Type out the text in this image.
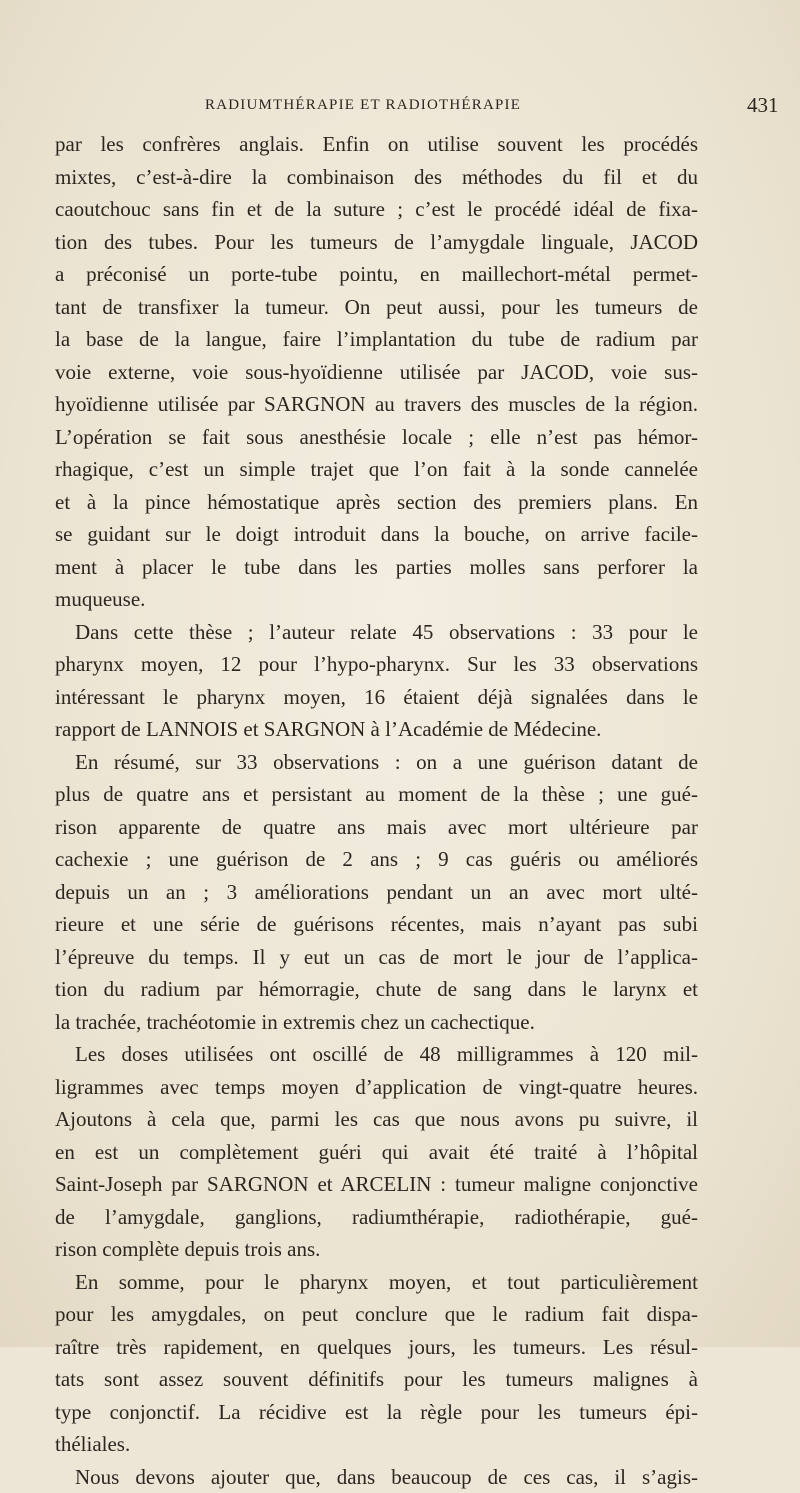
RADIUMTHÉRAPIE ET RADIOTHÉRAPIE	431
par les confrères anglais. Enfin on utilise souvent les procédés
mixtes, c’est-à-dire la combinaison des méthodes du fil et du
caoutchouc sans fin et de la suture ; c’est le procédé idéal de fixa-
tion des tubes. Pour les tumeurs de l’amygdale linguale, JACOD
a préconisé un porte-tube pointu, en maillechort-métal permet-
tant de transfixer la tumeur. On peut aussi, pour les tumeurs de
la base de la langue, faire l’implantation du tube de radium par
voie externe, voie sous-hyoïdienne utilisée par JACOD, voie sus-
hyoïdienne utilisée par SARGNON au travers des muscles de la région.
L’opération se fait sous anesthésie locale ; elle n’est pas hémor-
rhagique, c’est un simple trajet que l’on fait à la sonde cannelée
et à la pince hémostatique après section des premiers plans. En
se guidant sur le doigt introduit dans la bouche, on arrive facile-
ment à placer le tube dans les parties molles sans perforer la
muqueuse.
Dans cette thèse ; l’auteur relate 45 observations : 33 pour le
pharynx moyen, 12 pour l’hypo-pharynx. Sur les 33 observations
intéressant le pharynx moyen, 16 étaient déjà signalées dans le
rapport de LANNOIS et SARGNON à l’Académie de Médecine.
En résumé, sur 33 observations : on a une guérison datant de
plus de quatre ans et persistant au moment de la thèse ; une gué-
rison apparente de quatre ans mais avec mort ultérieure par
cachexie ; une guérison de 2 ans ; 9 cas guéris ou améliorés
depuis un an ; 3 améliorations pendant un an avec mort ulté-
rieure et une série de guérisons récentes, mais n’ayant pas subi
l’épreuve du temps. Il y eut un cas de mort le jour de l’applica-
tion du radium par hémorragie, chute de sang dans le larynx et
la trachée, trachéotomie in extremis chez un cachectique.
Les doses utilisées ont oscillé de 48 milligrammes à 120 mil-
ligrammes avec temps moyen d’application de vingt-quatre heures.
Ajoutons à cela que, parmi les cas que nous avons pu suivre, il
en est un complètement guéri qui avait été traité à l’hôpital
Saint-Joseph par SARGNON et ARCELIN : tumeur maligne conjonctive
de l’amygdale, ganglions, radiumthérapie, radiothérapie, gué-
rison complète depuis trois ans.
En somme, pour le pharynx moyen, et tout particulièrement
pour les amygdales, on peut conclure que le radium fait dispa-
raître très rapidement, en quelques jours, les tumeurs. Les résul-
tats sont assez souvent définitifs pour les tumeurs malignes à
type conjonctif. La récidive est la règle pour les tumeurs épi-
théliales.
Nous devons ajouter que, dans beaucoup de ces cas, il s’agis-
